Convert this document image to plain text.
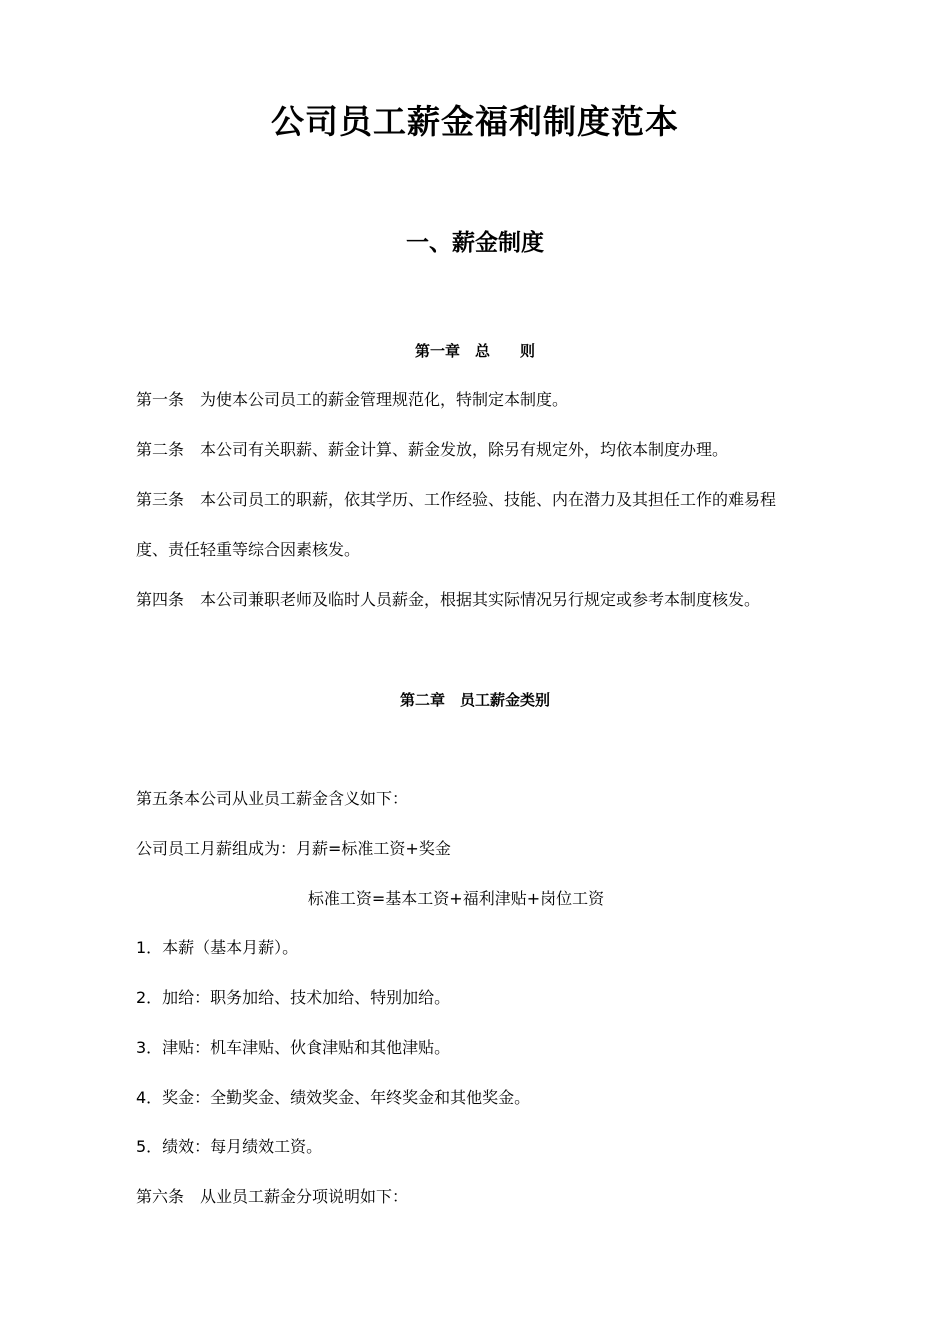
公司员工薪金福利制度范本
一、薪金制度
第一章　总　　则
第一条　为使本公司员工的薪金管理规范化，特制定本制度。
第二条　本公司有关职薪、薪金计算、薪金发放，除另有规定外，均依本制度办理。
第三条　本公司员工的职薪，依其学历、工作经验、技能、内在潜力及其担任工作的难易程
度、责任轻重等综合因素核发。
第四条　本公司兼职老师及临时人员薪金，根据其实际情况另行规定或参考本制度核发。
第二章　员工薪金类别
第五条本公司从业员工薪金含义如下：
公司员工月薪组成为：月薪=标准工资+奖金
标准工资=基本工资+福利津贴+岗位工资
1．本薪（基本月薪）。
2．加给：职务加给、技术加给、特别加给。
3．津贴：机车津贴、伙食津贴和其他津贴。
4．奖金：全勤奖金、绩效奖金、年终奖金和其他奖金。
5．绩效：每月绩效工资。
第六条　从业员工薪金分项说明如下：
